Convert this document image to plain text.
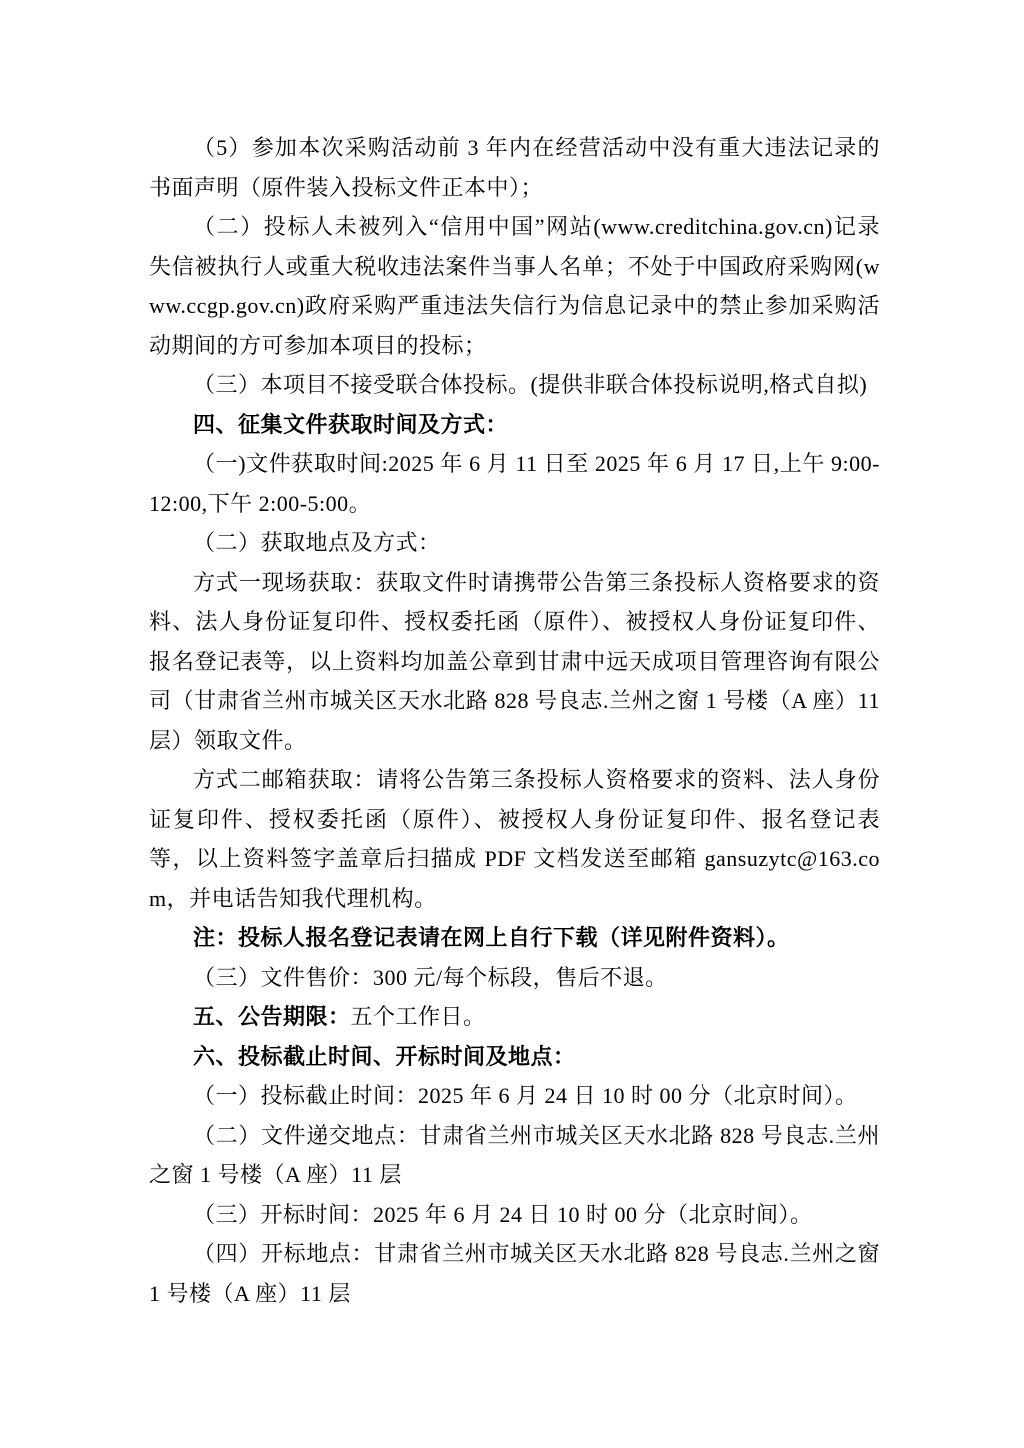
（5）参加本次采购活动前 3 年内在经营活动中没有重大违法记录的书面声明（原件装入投标文件正本中）；

（二）投标人未被列入“信用中国”网站(www.creditchina.gov.cn)记录失信被执行人或重大税收违法案件当事人名单；不处于中国政府采购网(www.ccgp.gov.cn)政府采购严重违法失信行为信息记录中的禁止参加采购活动期间的方可参加本项目的投标；

（三）本项目不接受联合体投标。(提供非联合体投标说明,格式自拟)

四、征集文件获取时间及方式：

（一)文件获取时间:2025 年 6 月 11 日至 2025 年 6 月 17 日,上午 9:00-12:00,下午 2:00-5:00。

（二）获取地点及方式：

方式一现场获取：获取文件时请携带公告第三条投标人资格要求的资料、法人身份证复印件、授权委托函（原件）、被授权人身份证复印件、报名登记表等，以上资料均加盖公章到甘肃中远天成项目管理咨询有限公司（甘肃省兰州市城关区天水北路 828 号良志.兰州之窗 1 号楼（A 座）11 层）领取文件。

方式二邮箱获取：请将公告第三条投标人资格要求的资料、法人身份证复印件、授权委托函（原件）、被授权人身份证复印件、报名登记表等，以上资料签字盖章后扫描成 PDF 文档发送至邮箱 gansuzytc@163.com，并电话告知我代理机构。

注：投标人报名登记表请在网上自行下载（详见附件资料）。

（三）文件售价：300 元/每个标段，售后不退。

五、公告期限：五个工作日。

六、投标截止时间、开标时间及地点：

（一）投标截止时间：2025 年 6 月 24 日 10 时 00 分（北京时间）。

（二）文件递交地点：甘肃省兰州市城关区天水北路 828 号良志.兰州之窗 1 号楼（A 座）11 层

（三）开标时间：2025 年 6 月 24 日 10 时 00 分（北京时间）。

（四）开标地点：甘肃省兰州市城关区天水北路 828 号良志.兰州之窗 1 号楼（A 座）11 层
